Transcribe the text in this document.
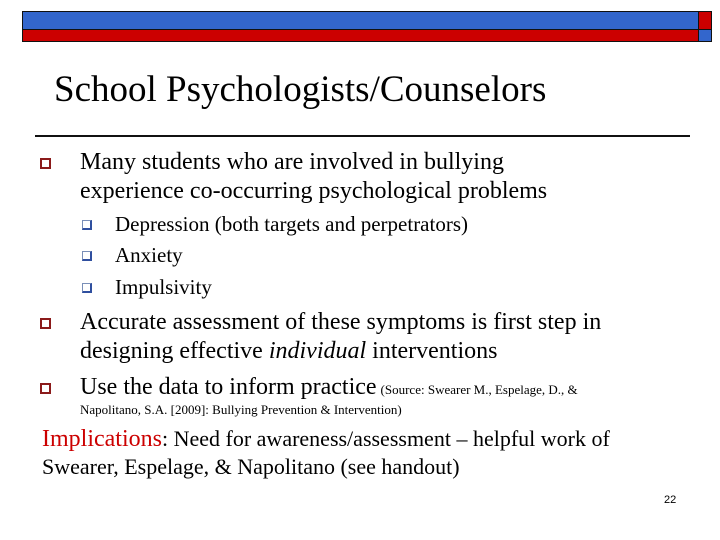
School Psychologists/Counselors
Many students who are involved in bullying
experience co-occurring psychological problems
Depression (both targets and perpetrators)
Anxiety
Impulsivity
Accurate assessment of these symptoms is first step in
designing effective individual interventions
Use the data to inform practice (Source: Swearer M., Espelage, D., &
Napolitano, S.A. [2009]: Bullying Prevention & Intervention)
Implications: Need for awareness/assessment – helpful work of
Swearer, Espelage, & Napolitano (see handout)
22
